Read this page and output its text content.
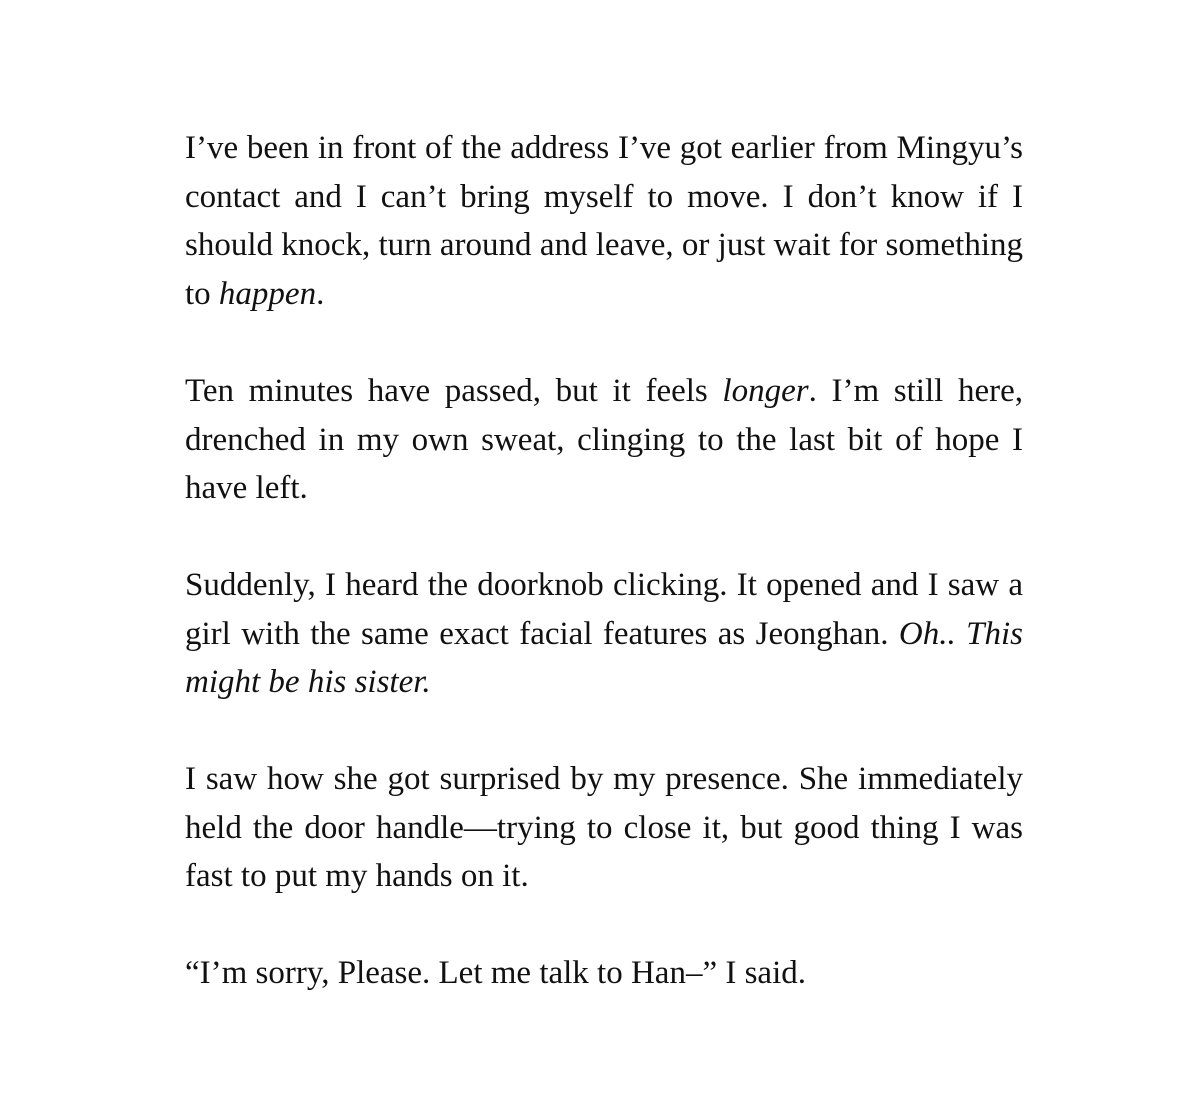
I’ve been in front of the address I’ve got earlier from Mingyu’s contact and I can’t bring myself to move. I don’t know if I should knock, turn around and leave, or just wait for something to happen.

Ten minutes have passed, but it feels longer. I’m still here, drenched in my own sweat, clinging to the last bit of hope I have left.

Suddenly, I heard the doorknob clicking. It opened and I saw a girl with the same exact facial features as Jeonghan. Oh.. This might be his sister.

I saw how she got surprised by my presence. She immediately held the door handle—trying to close it, but good thing I was fast to put my hands on it.

“I’m sorry, Please. Let me talk to Han–” I said.
